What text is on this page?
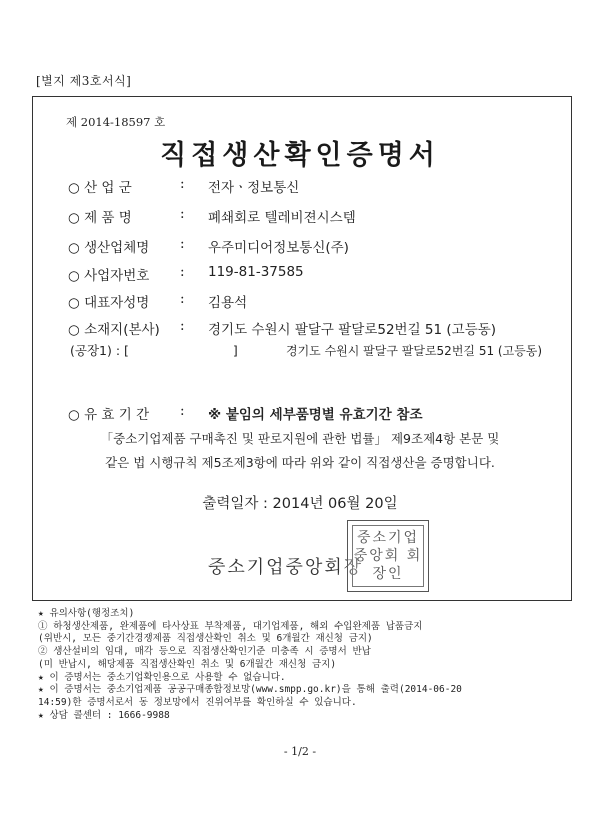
[별지 제3호서식]
제 2014-18597 호
직접생산확인증명서
○ 산 업 군	: 전자ㆍ정보통신
○ 제 품 명	: 폐쇄회로 텔레비젼시스템
○ 생산업체명 : 우주미디어정보통신(주)
○ 사업자번호 : 119-81-37585
○ 대표자성명 : 김용석
○ 소재지(본사) : 경기도 수원시 팔달구 팔달로52번길 51 (고등동)
(공장1) : [	]	경기도 수원시 팔달구 팔달로52번길 51 (고등동)
○ 유 효 기 간 : ※ 붙임의 세부품명별 유효기간 참조
「중소기업제품 구매촉진 및 판로지원에 관한 법률」 제9조제4항 본문 및
같은 법 시행규칙 제5조제3항에 따라 위와 같이 직접생산을 증명합니다.
출력일자 : 2014년 06월 20일
중소기업중앙회장
중소기업 중앙회 회장인
★ 유의사항(행정조치)
① 하청생산제품, 완제품에 타사상표 부착제품, 대기업제품, 해외 수입완제품 납품금지
(위반시, 모든 중기간경쟁제품 직접생산확인 취소 및 6개월간 재신청 금지)
② 생산설비의 임대, 매각 등으로 직접생산확인기준 미충족 시 증명서 반납
(미 반납시, 해당제품 직접생산확인 취소 및 6개월간 재신청 금지)
★ 이 증명서는 중소기업확인용으로 사용할 수 없습니다.
★ 이 증명서는 중소기업제품 공공구매종합정보망(www.smpp.go.kr)을 통해 출력(2014-06-20
14:59)한 증명서로서 동 정보망에서 진위여부를 확인하실 수 있습니다.
★ 상담 콜센터 : 1666-9988
- 1/2 -
